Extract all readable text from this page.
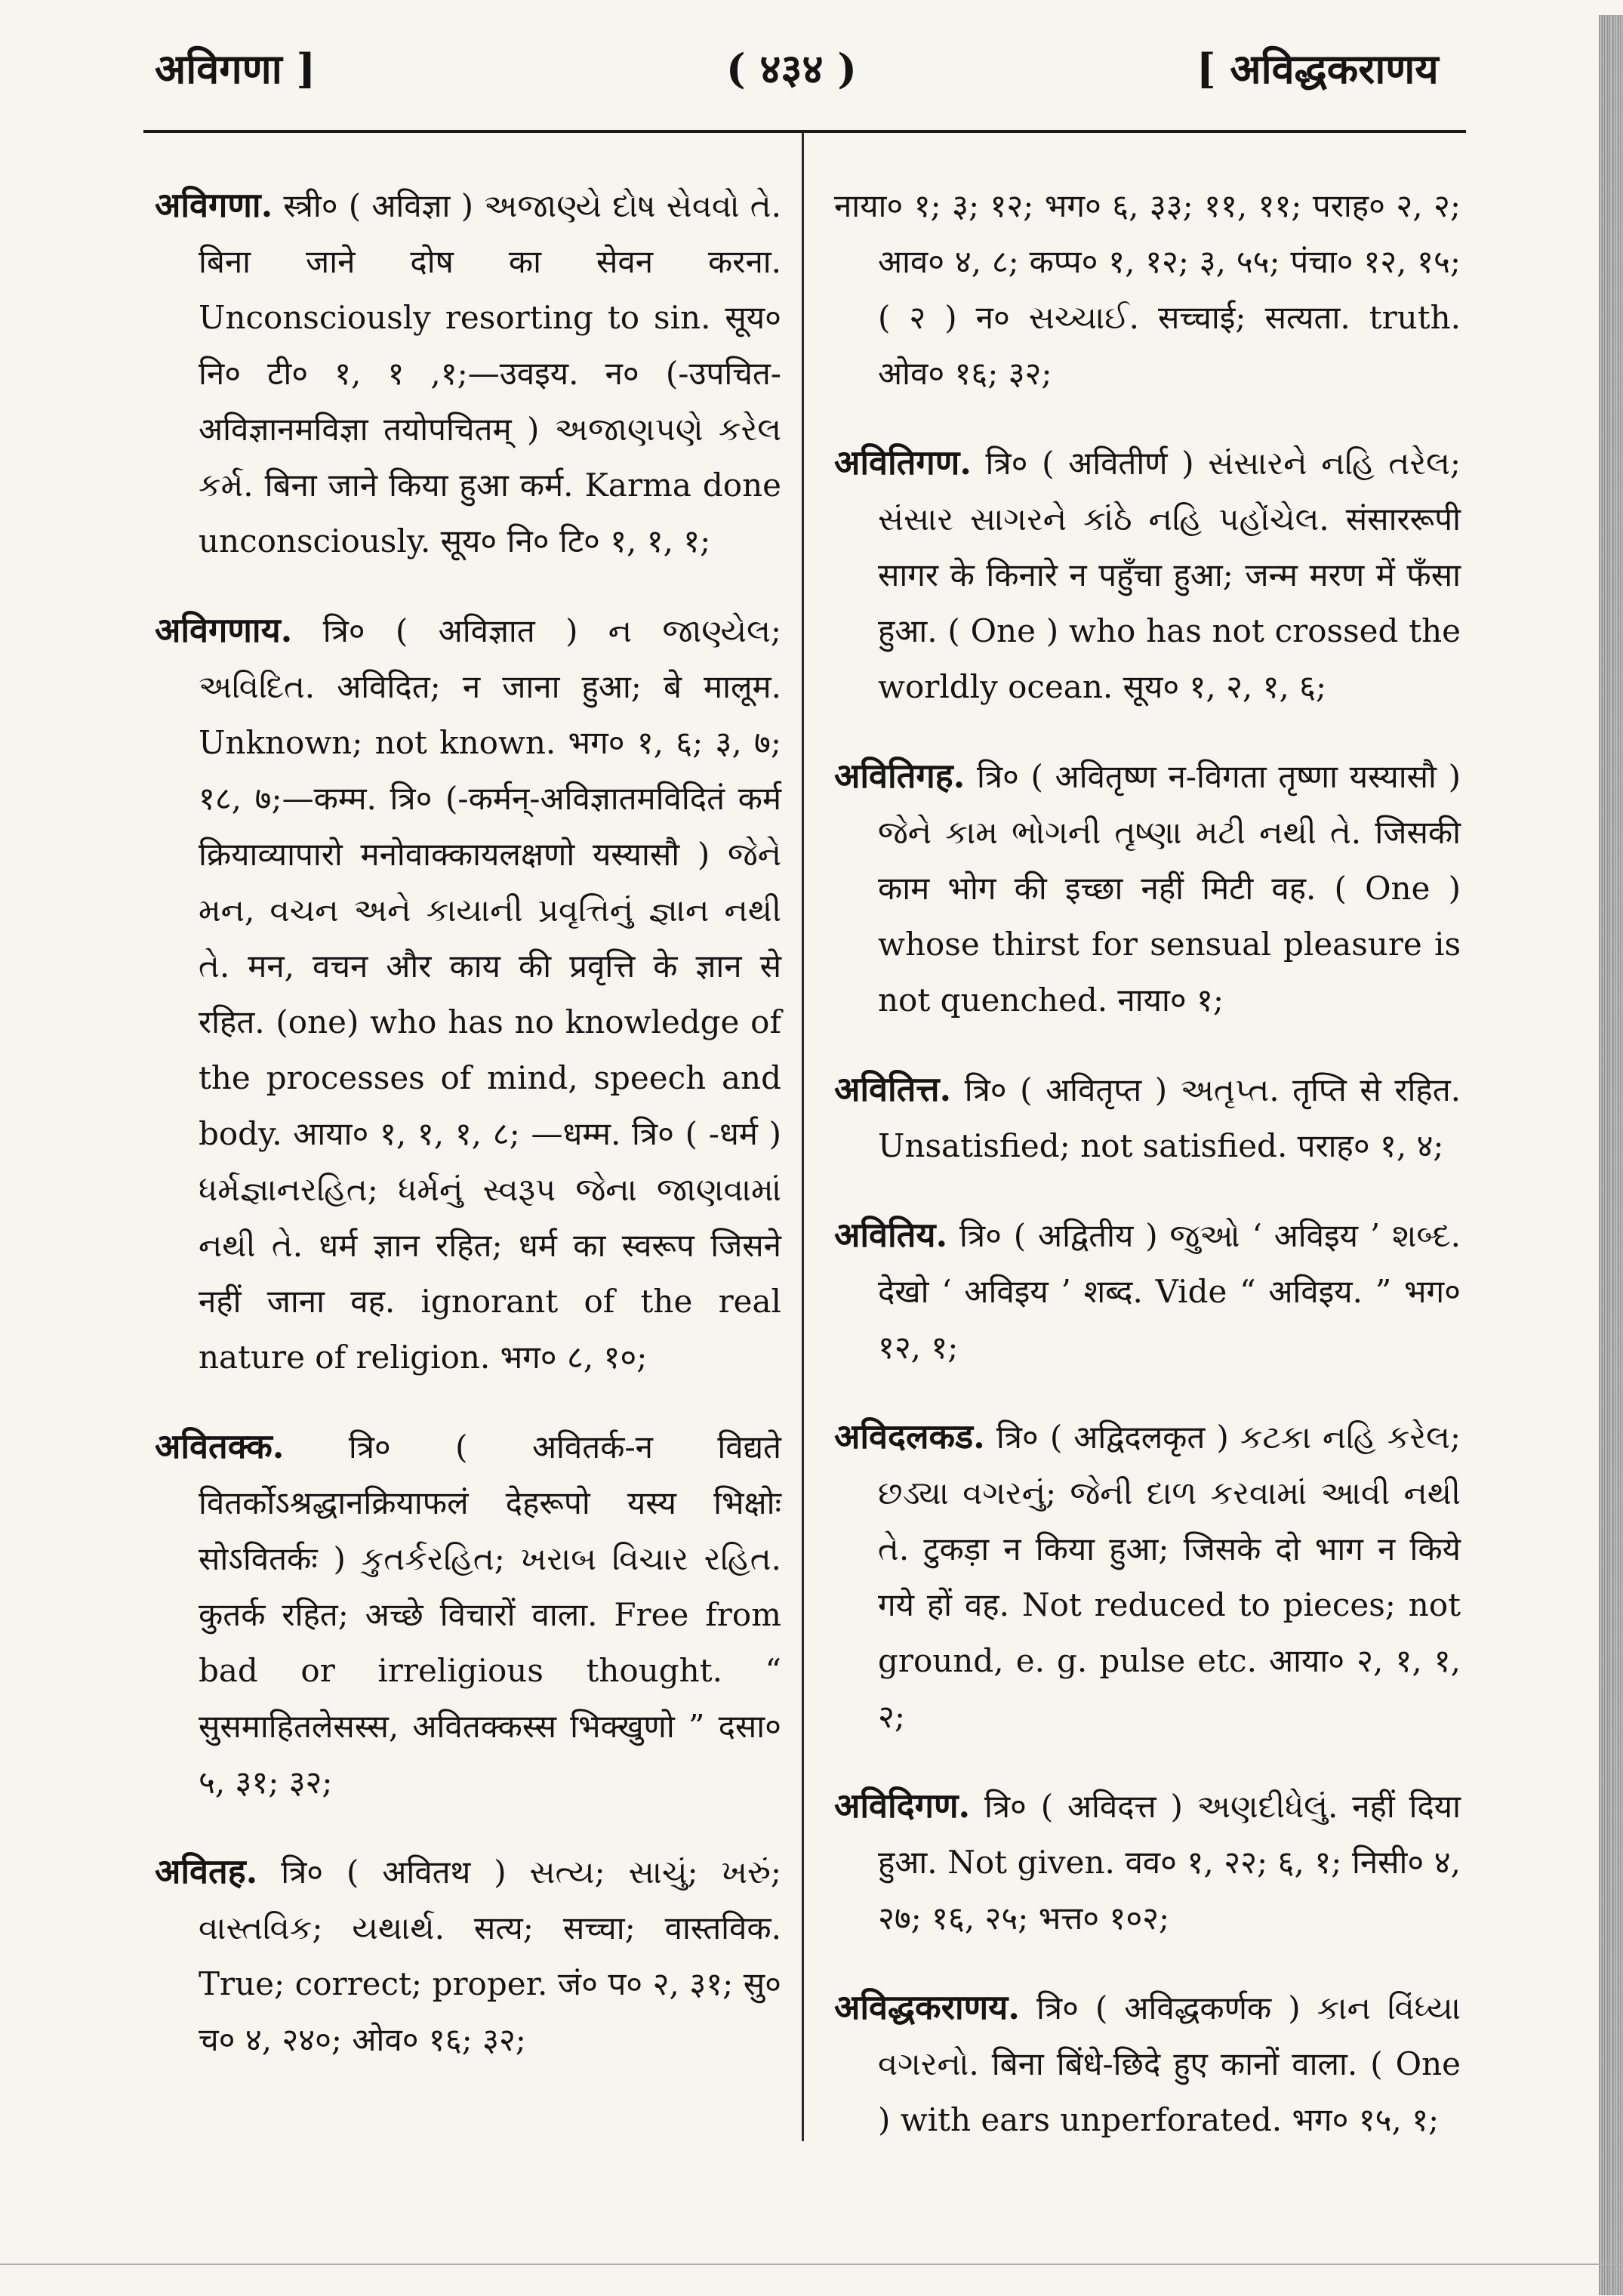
अविगणा ]	( ४३४ )	[ अविद्धकराणय

अविगणा. स्त्री० ( अविज्ञा ) અજાણ્યે દોષ સેવવો તે. बिना जाने दोष का सेवन करना. Unconsciously resorting to sin. सूय० नि० टी० १, १ ,१;—उवइय. न० (-उपचित-अविज्ञानमविज्ञा तयोपचितम् ) અજાણપણે કરેલ કર્મ. बिना जाने किया हुआ कर्म. Karma done unconsciously. सूय० नि० टि० १, १, १;

अविगणाय. त्रि० ( अविज्ञात ) ન જાણ્યેલ; અવિદિત. अविदित; न जाना हुआ; बे मालूम. Unknown; not known. भग० १, ६; ३, ७; १८, ७;—कम्म. त्रि० (-कर्मन्-अविज्ञातमविदितं कर्म क्रियाव्यापारो मनोवाक्कायलक्षणो यस्यासौ ) જેને મન, વચન અને કાયાની પ્રવૃત્તિનું જ્ઞાન નથી તે. मन, वचन और काय की प्रवृत्ति के ज्ञान से रहित. (one) who has no knowledge of the processes of mind, speech and body. आया० १, १, १, ८; —धम्म. त्रि० ( -धर्म ) ધર્મજ્ઞાનરહિત; ધર્મનું સ્વરૂપ જેના જાણવામાં નથી તે. धर्म ज्ञान रहित; धर्म का स्वरूप जिसने नहीं जाना वह. ignorant of the real nature of religion. भग० ८, १०;

अवितक्क. त्रि० ( अवितर्क-न विद्यते वितर्कोऽश्रद्धानक्रियाफलं देहरूपो यस्य भिक्षोः सोऽवितर्कः ) કુતર્કરહિત; ખરાબ વિચાર રહિત. कुतर्क रहित; अच्छे विचारों वाला. Free from bad or irreligious thought. “ सुसमाहितलेसस्स, अवितक्कस्स भिक्खुणो ” दसा० ५, ३१; ३२;

अवितह. त्रि० ( अवितथ ) સત્ય; સાચું; ખરું; વાસ્તવિક; યથાર્થ. सत्य; सच्चा; वास्तविक. True; correct; proper. जं० प० २, ३१; सु० च० ४, २४०; ओव० १६; ३२;

नाया० १; ३; १२; भग० ६, ३३; ११, ११; पराह० २, २; आव० ४, ८; कप्प० १, १२; ३, ५५; पंचा० १२, १५; ( २ ) न० સચ્ચાઈ. सच्चाई; सत्यता. truth. ओव० १६; ३२;

अवितिगण. त्रि० ( अवितीर्ण ) સંસારને નહિ તરેલ; સંસાર સાગરને કાંઠે નહિ પહોંચેલ. संसाररूपी सागर के किनारे न पहुँचा हुआ; जन्म मरण में फँसा हुआ. ( One ) who has not crossed the worldly ocean. सूय० १, २, १, ६;

अवितिगह. त्रि० ( अवितृष्ण न-विगता तृष्णा यस्यासौ ) જેને કામ ભોગની તૃષ્ણા મટી નથી તે. जिसकी काम भोग की इच्छा नहीं मिटी वह. ( One ) whose thirst for sensual pleasure is not quenched. नाया० १;

अवितित्त. त्रि० ( अवितृप्त ) અતૃપ્ત. तृप्ति से रहित. Unsatisfied; not satisfied. पराह० १, ४;

अवितिय. त्रि० ( अद्वितीय ) જુઓ ‘ अविइय ’ શબ્દ. देखो ‘ अविइय ’ शब्द. Vide “ अविइय. ” भग० १२, १;

अविदलकड. त्रि० ( अद्विदलकृत ) કટકા નહિ કરેલ; છડ્યા વગરનું; જેની દાળ કરવામાં આવી નથી તે. टुकड़ा न किया हुआ; जिसके दो भाग न किये गये हों वह. Not reduced to pieces; not ground, e. g. pulse etc. आया० २, १, १, २;

अविदिगण. त्रि० ( अविदत्त ) અણદીધેલું. नहीं दिया हुआ. Not given. वव० १, २२; ६, १; निसी० ४, २७; १६, २५; भत्त० १०२;

अविद्धकराणय. त्रि० ( अविद्धकर्णक ) કાન વિંધ્યા વગરનો. बिना बिंधे-छिदे हुए कानों वाला. ( One ) with ears unperforated. भग० १५, १;
